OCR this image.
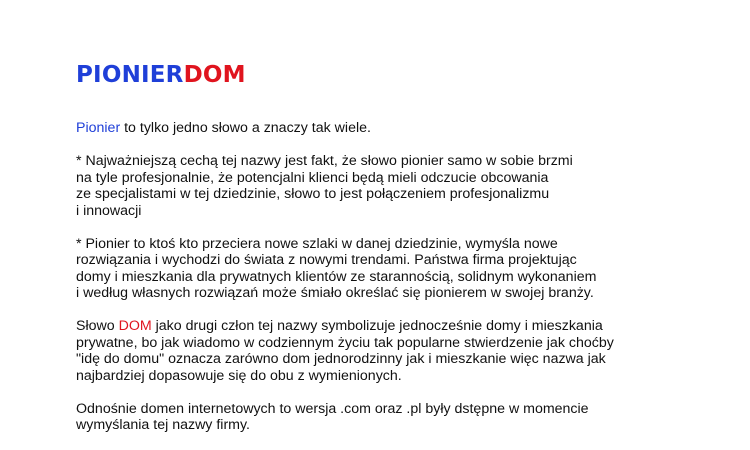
PIONIERDOM

Pionier to tylko jedno słowo a znaczy tak wiele.

* Najważniejszą cechą tej nazwy jest fakt, że słowo pionier samo w sobie brzmi
na tyle profesjonalnie, że potencjalni klienci będą mieli odczucie obcowania
ze specjalistami w tej dziedzinie, słowo to jest połączeniem profesjonalizmu
i innowacji

* Pionier to ktoś kto przeciera nowe szlaki w danej dziedzinie, wymyśla nowe
rozwiązania i wychodzi do świata z nowymi trendami. Państwa firma projektując
domy i mieszkania dla prywatnych klientów ze starannością, solidnym wykonaniem
i według własnych rozwiązań może śmiało określać się pionierem w swojej branży.

Słowo DOM jako drugi człon tej nazwy symbolizuje jednocześnie domy i mieszkania
prywatne, bo jak wiadomo w codziennym życiu tak popularne stwierdzenie jak choćby
"idę do domu" oznacza zarówno dom jednorodzinny jak i mieszkanie więc nazwa jak
najbardziej dopasowuje się do obu z wymienionych.

Odnośnie domen internetowych to wersja .com oraz .pl były dstępne w momencie
wymyślania tej nazwy firmy.
